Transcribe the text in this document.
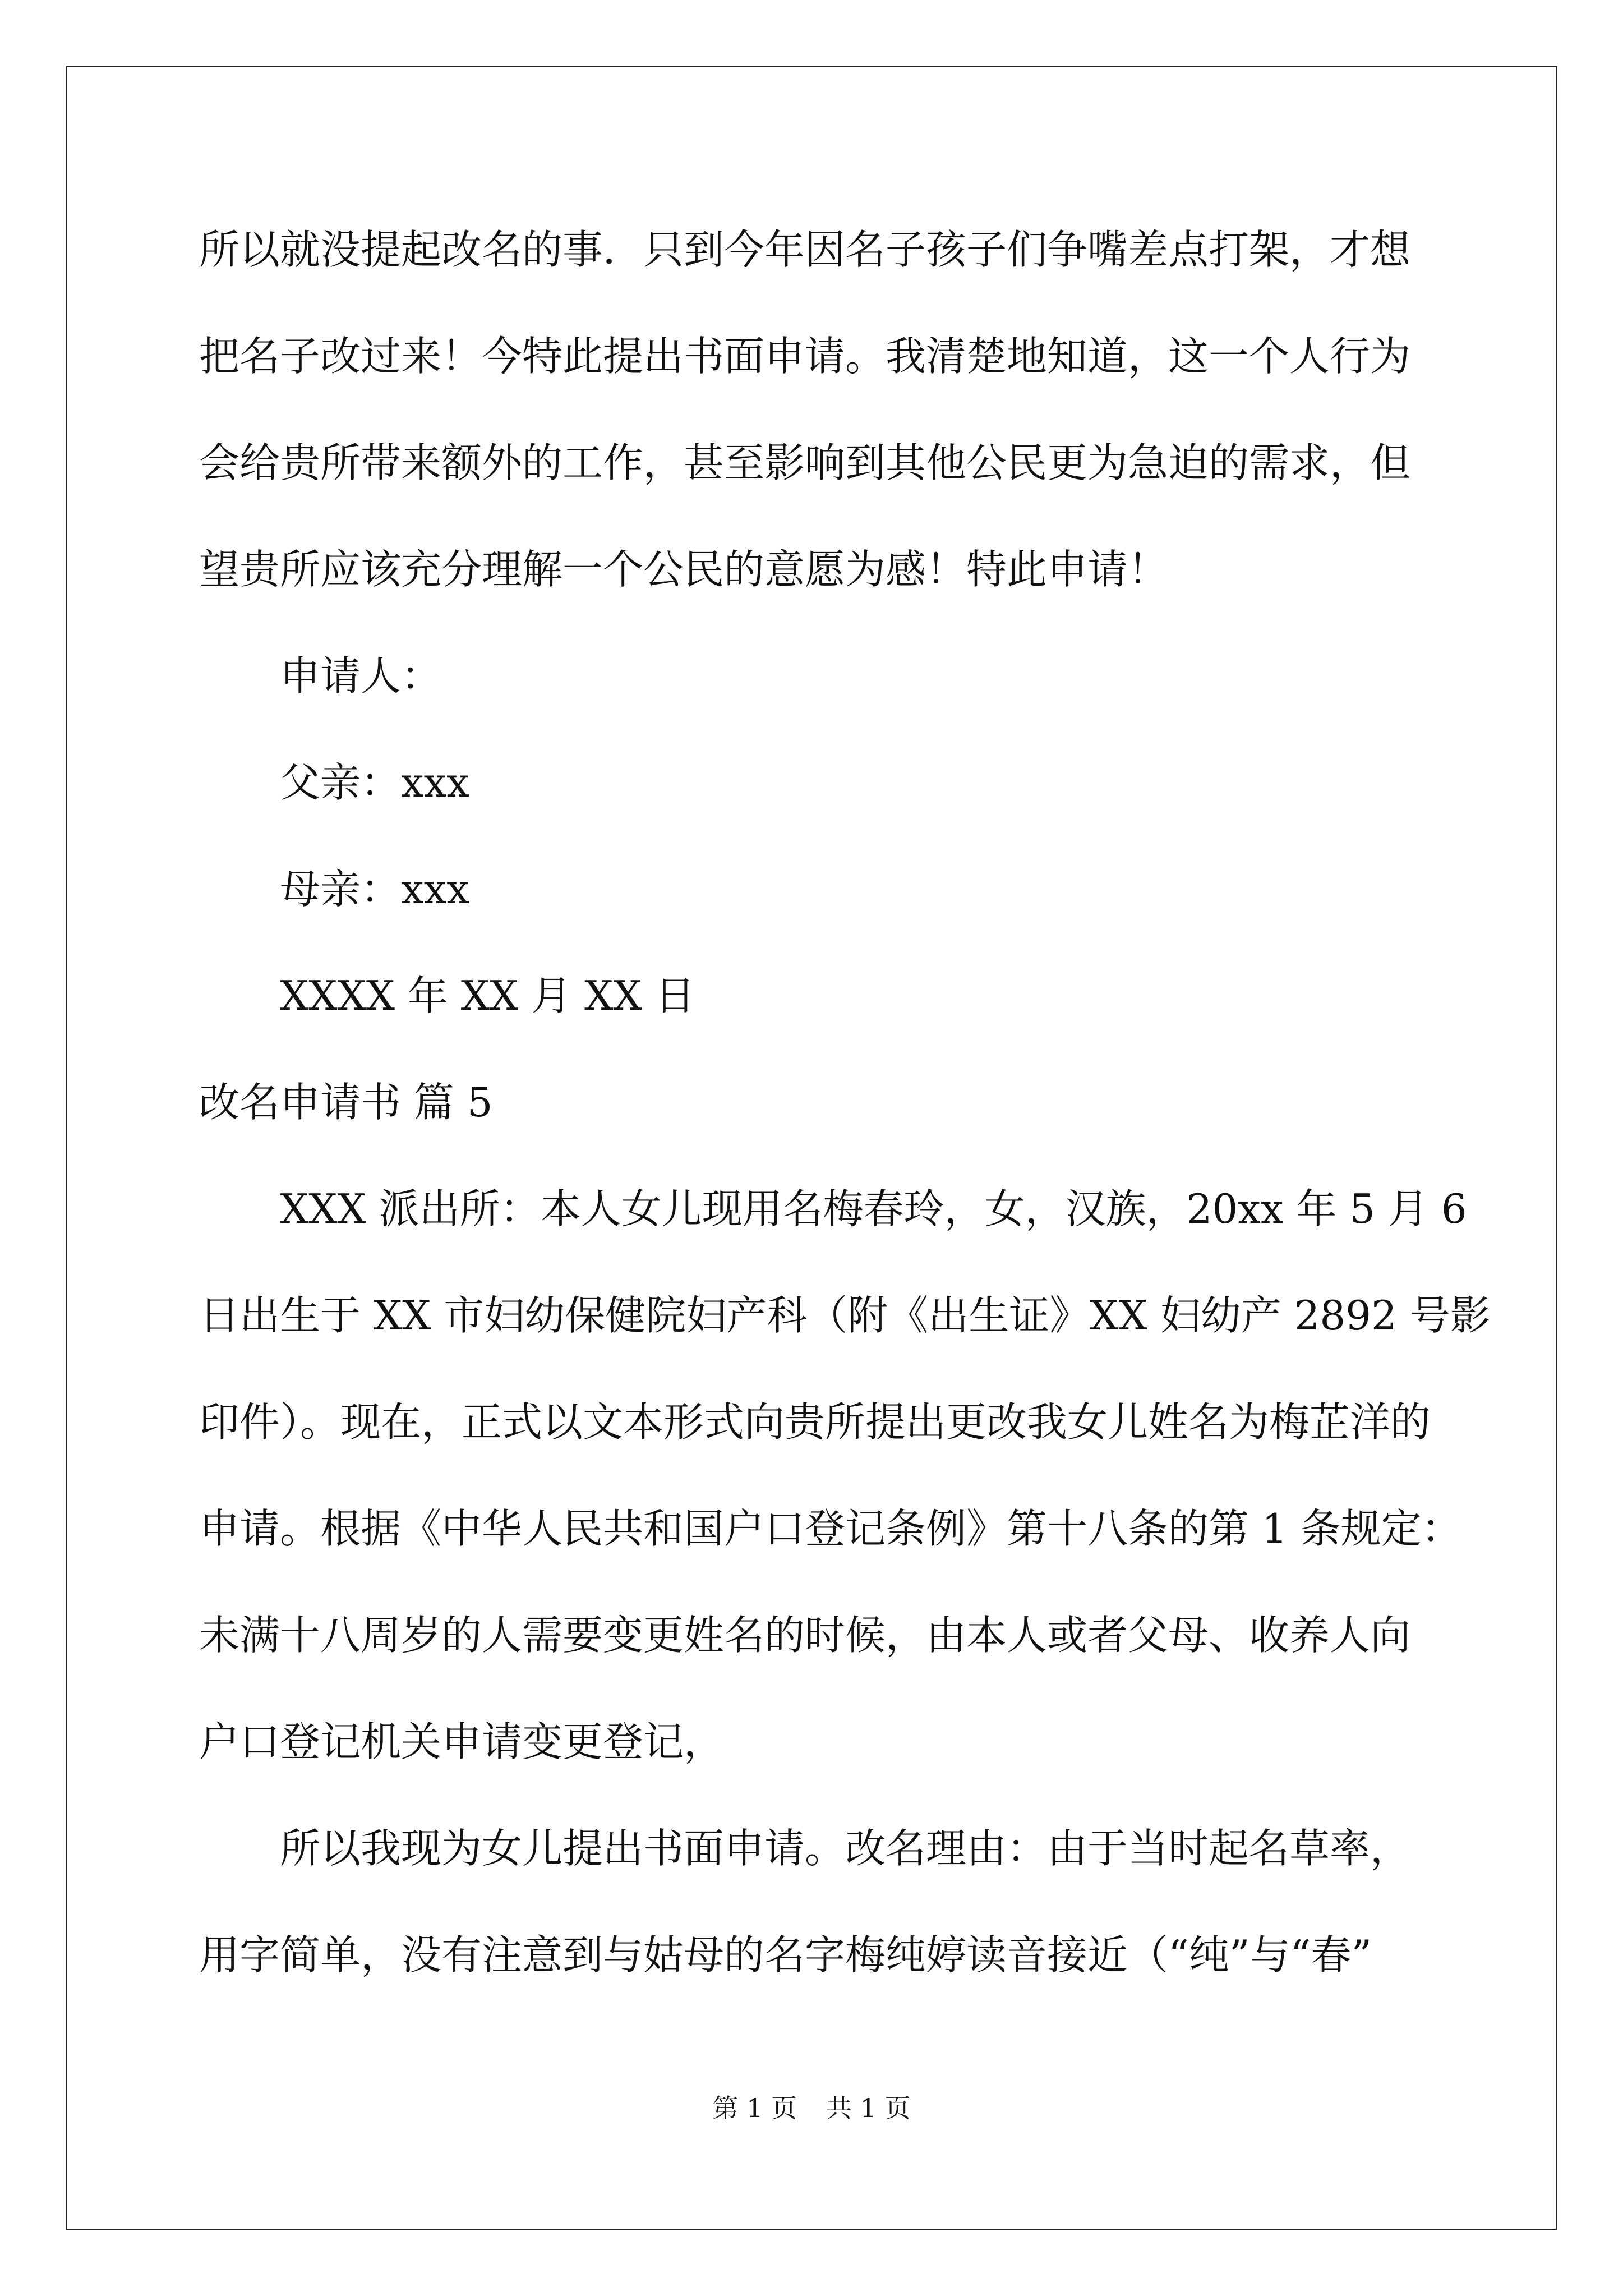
所以就没提起改名的事．只到今年因名子孩子们争嘴差点打架，才想
把名子改过来！今特此提出书面申请。我清楚地知道，这一个人行为
会给贵所带来额外的工作，甚至影响到其他公民更为急迫的需求，但
望贵所应该充分理解一个公民的意愿为感！特此申请！
申请人：
父亲：xxx
母亲：xxx
XXXX 年 XX 月 XX 日
改名申请书 篇 5
XXX 派出所：本人女儿现用名梅春玲，女，汉族，20xx 年 5 月 6
日出生于 XX 市妇幼保健院妇产科（附《出生证》XX 妇幼产 2892 号影
印件）。现在，正式以文本形式向贵所提出更改我女儿姓名为梅芷洋的
申请。根据《中华人民共和国户口登记条例》第十八条的第 1 条规定：
未满十八周岁的人需要变更姓名的时候，由本人或者父母、收养人向
户口登记机关申请变更登记，
所以我现为女儿提出书面申请。改名理由：由于当时起名草率，
用字简单，没有注意到与姑母的名字梅纯婷读音接近（“纯”与“春”
第 1 页 共 1 页
